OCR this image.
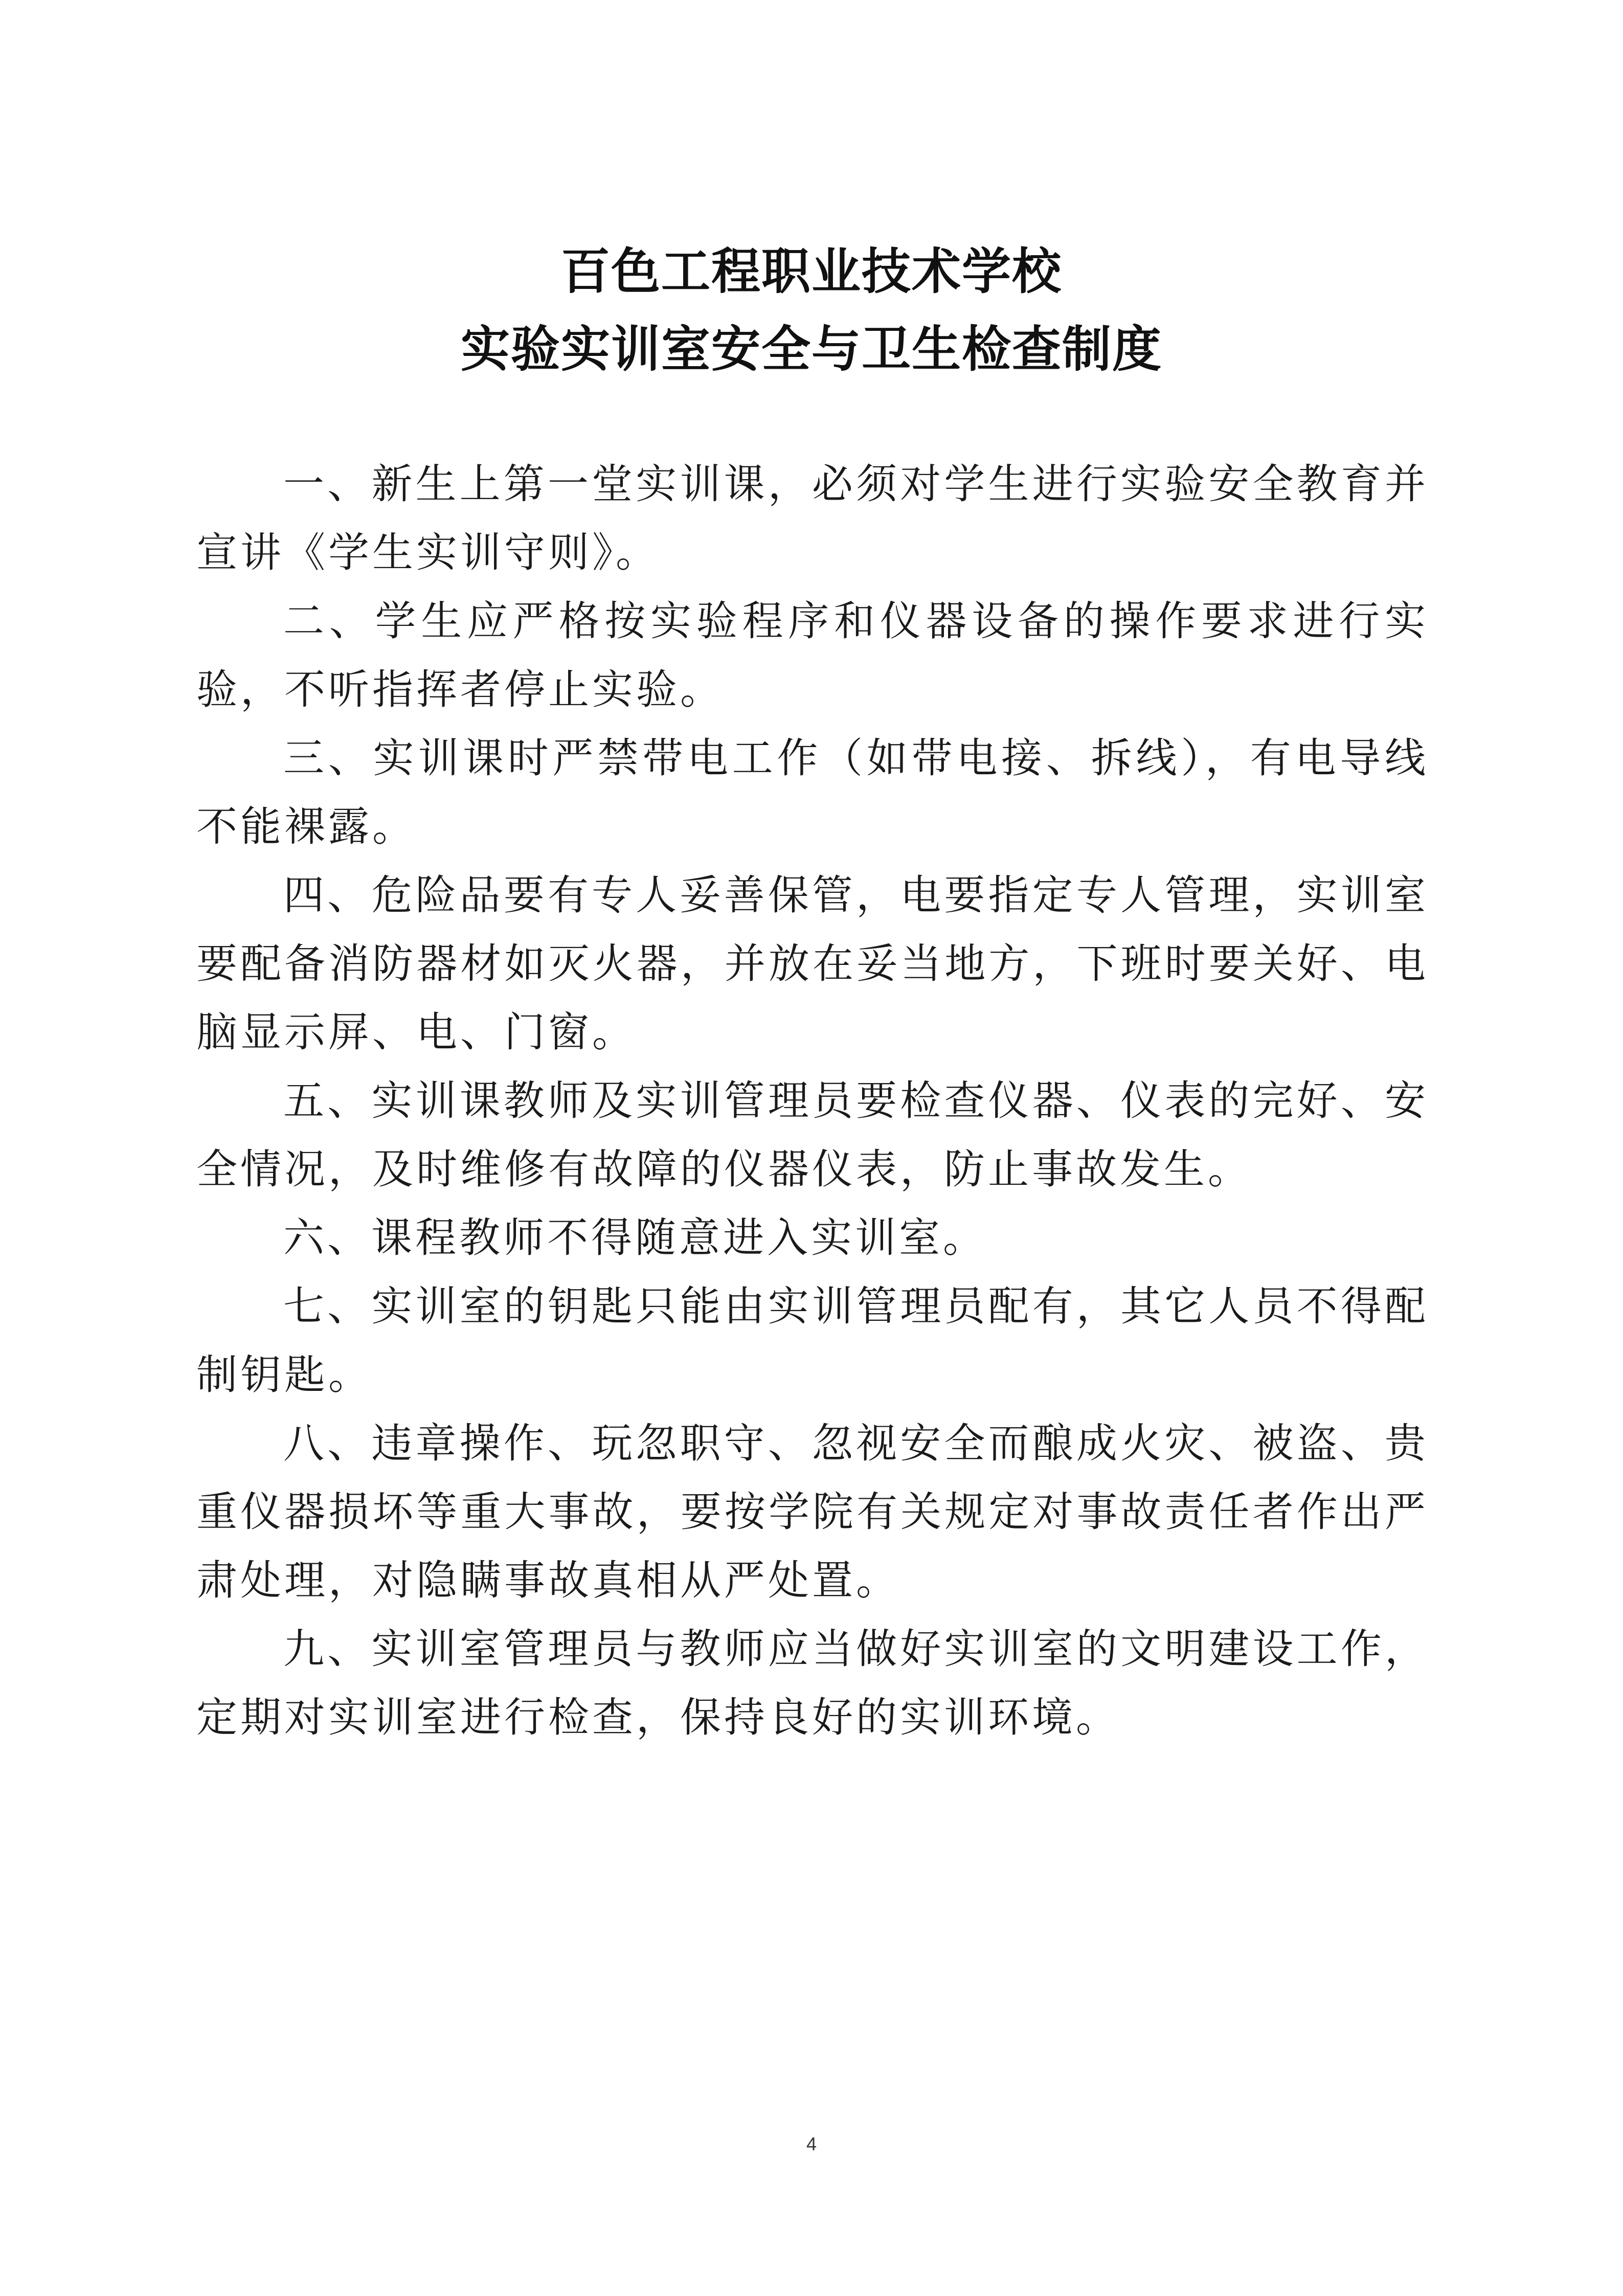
百色工程职业技术学校
实验实训室安全与卫生检查制度

一、新生上第一堂实训课，必须对学生进行实验安全教育并宣讲《学生实训守则》。

二、学生应严格按实验程序和仪器设备的操作要求进行实验，不听指挥者停止实验。

三、实训课时严禁带电工作（如带电接、拆线），有电导线不能裸露。

四、危险品要有专人妥善保管，电要指定专人管理，实训室要配备消防器材如灭火器，并放在妥当地方，下班时要关好、电脑显示屏、电、门窗。

五、实训课教师及实训管理员要检查仪器、仪表的完好、安全情况，及时维修有故障的仪器仪表，防止事故发生。

六、课程教师不得随意进入实训室。

七、实训室的钥匙只能由实训管理员配有，其它人员不得配制钥匙。

八、违章操作、玩忽职守、忽视安全而酿成火灾、被盗、贵重仪器损坏等重大事故，要按学院有关规定对事故责任者作出严肃处理，对隐瞒事故真相从严处置。

九、实训室管理员与教师应当做好实训室的文明建设工作，定期对实训室进行检查，保持良好的实训环境。

4
